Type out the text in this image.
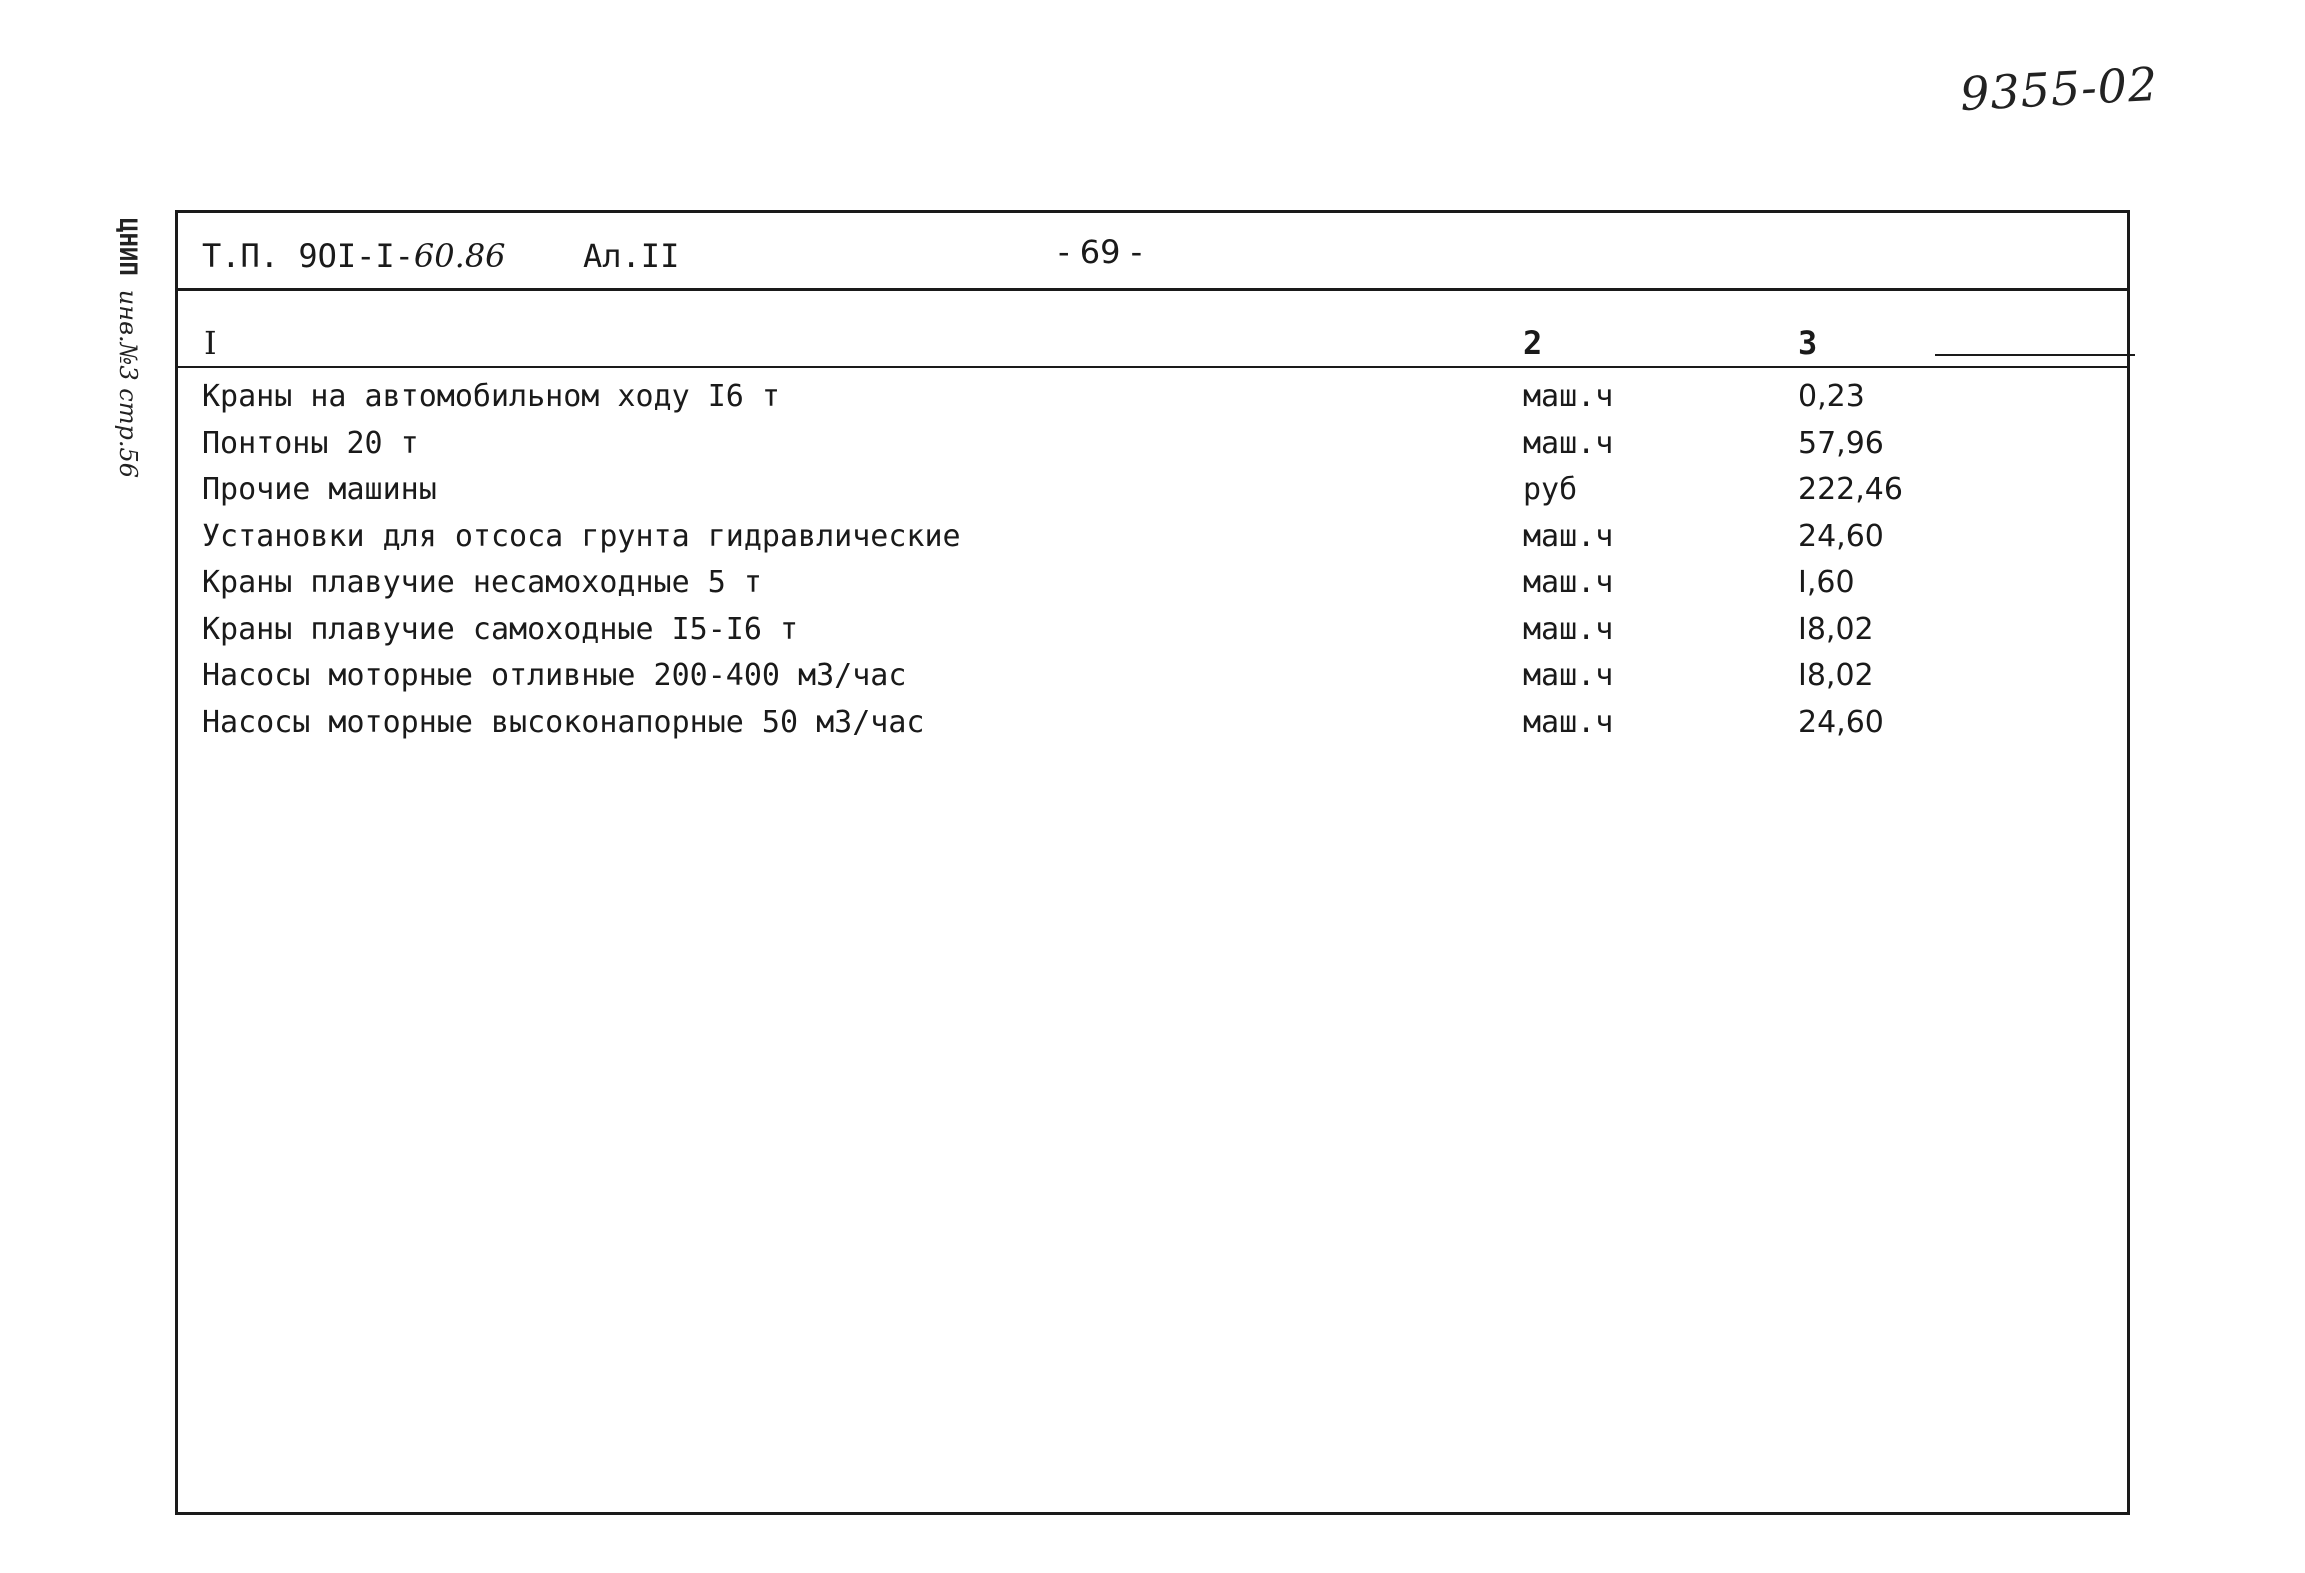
9355-02
ЦНИП
инв.№3 стр.56
Т.П. 9OI-I-60.86 Ал.II	- 69 -
I	2	3
Краны на автомобильном ходу I6 т	маш.ч	0,23
Понтоны 20 т	маш.ч	57,96
Прочие машины	руб	222,46
Установки для отсоса грунта гидравлические	маш.ч	24,60
Краны плавучие несамоходные 5 т	маш.ч	I,60
Краны плавучие самоходные I5-I6 т	маш.ч	I8,02
Насосы моторные отливные 200-400 м3/час	маш.ч	I8,02
Насосы моторные высоконапорные 50 м3/час	маш.ч	24,60
